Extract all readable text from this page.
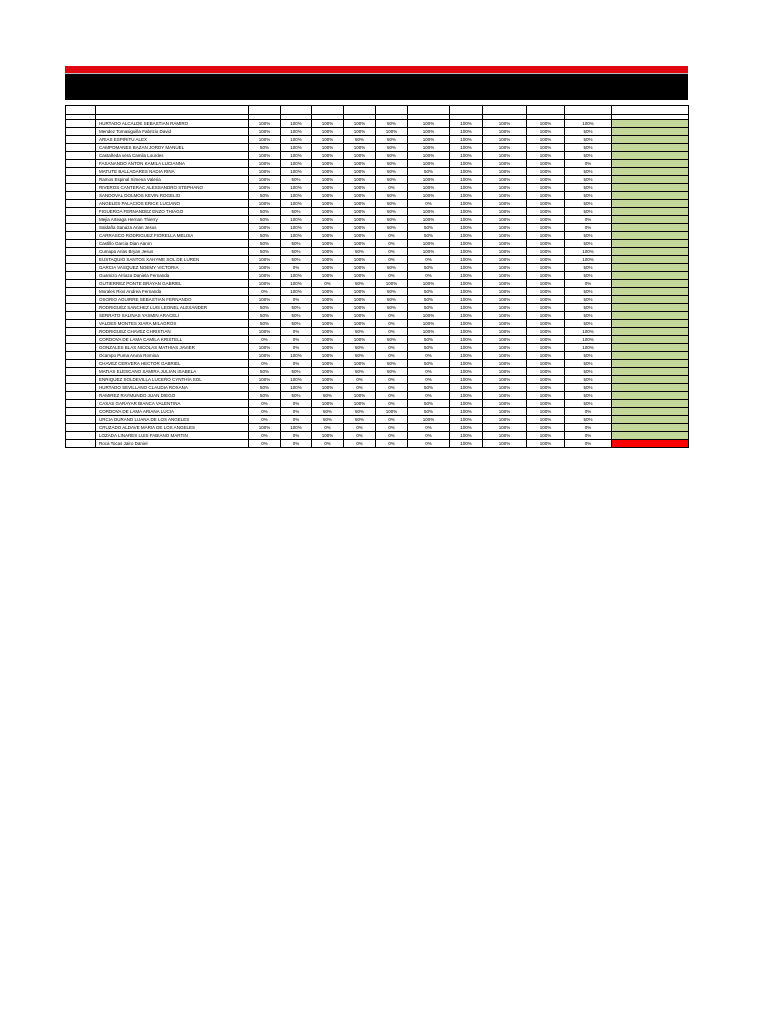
	HURTADO ALCALDE SEBASTIAN RAMIRO	100%	100%	100%	100%	50%	100%	100%	100%	100%	100%	
	Mendez Tomasiguilla Fabrizio David	100%	100%	100%	100%	100%	100%	100%	100%	100%	50%	
	ARIAS ESPIRITU ALEX	100%	100%	100%	50%	50%	100%	100%	100%	100%	50%	
	CAMPOMANES BAZAN JORDY MANUEL	50%	100%	100%	100%	50%	100%	100%	100%	100%	50%	
	Castañeda vera Camila Lourdes	100%	100%	100%	100%	50%	100%	100%	100%	100%	50%	
	FASANANDO ANTON KAMILA LUCIANNA	100%	100%	100%	100%	50%	100%	100%	100%	100%	0%	
	MATUTE BALLADARES NADIA RINA	100%	100%	100%	100%	50%	50%	100%	100%	100%	50%	
	Ramos Espinal Ximena Valeria	100%	50%	100%	100%	50%	100%	100%	100%	100%	50%	
	RIVEROS CANTERAC ALESSANDRO STEPHANO	100%	100%	100%	100%	0%	100%	100%	100%	100%	50%	
	SANDOVAL DOLMOS KEVIN ROGELIO	50%	100%	100%	100%	50%	100%	100%	100%	100%	50%	
	ANGELES PALACIOS ERICK LUCIANO	100%	100%	100%	100%	50%	0%	100%	100%	100%	50%	
	FIGUEROA FERNANDEZ ENZO THIAGO	50%	50%	100%	100%	50%	100%	100%	100%	100%	50%	
	Mejia Arteaga Hernan Thierry	50%	100%	100%	100%	50%	100%	100%	100%	100%	0%	
	Saldaña Sanaza Arian Jesus	100%	100%	100%	100%	50%	50%	100%	100%	100%	0%	
	CARRASCO RODRIGUEZ FIORELLA MELISA	50%	100%	100%	100%	0%	50%	100%	100%	100%	50%	
	Castillo Garcia Dian Aaron	50%	50%	100%	100%	0%	100%	100%	100%	100%	50%	
	Cumapa Arias Bryan Jesus	50%	50%	100%	50%	0%	100%	100%	100%	100%	100%	
	EUSTAQUIO SANTOS XAHYME SOL DE LUREN	100%	50%	100%	100%	0%	0%	100%	100%	100%	100%	
	GARCIA VASQUEZ NOEMY VICTORIA	100%	0%	100%	100%	50%	50%	100%	100%	100%	50%	
	Guamizo Arriaza Daniela Fernanda	100%	100%	100%	100%	0%	0%	100%	100%	100%	50%	
	GUTIERREZ PONTE BRAYAN GABRIEL	100%	100%	0%	50%	100%	100%	100%	100%	100%	0%	
	Morales Rios Andrea Fernanda	0%	100%	100%	100%	50%	50%	100%	100%	100%	50%	
	OSORIO AGUIRRE SEBASTIAN FERNANDO	100%	0%	100%	100%	50%	50%	100%	100%	100%	50%	
	RODRIGUEZ SANCHEZ LUIS LEONEL ALEXANDER	50%	50%	100%	100%	50%	50%	100%	100%	100%	50%	
	SERRATO SALINAS YASMIN ARACELI	50%	50%	100%	100%	0%	100%	100%	100%	100%	50%	
	VALDES MONTES XIARA MILAGROS	50%	50%	100%	100%	0%	100%	100%	100%	100%	50%	
	RODRIGUEZ CHAVEZ CHRISTIAN	100%	0%	100%	50%	0%	100%	100%	100%	100%	100%	
	CORDOVA DE LAMA CAMILA KRISTELL	0%	0%	100%	100%	50%	50%	100%	100%	100%	100%	
	GONZALES BLAS NICOLAS MATHIAS JAVIER	100%	0%	100%	50%	0%	50%	100%	100%	100%	100%	
	Ocampo Puma Aruna Romina	100%	100%	100%	50%	0%	0%	100%	100%	100%	50%	
	CHAVEZ CERVERA HECTOR GABRIEL	0%	0%	100%	100%	50%	50%	100%	100%	100%	50%	
	MATIAS ELESCANO SAMIRA JULIAN ISABELA	50%	50%	100%	50%	50%	0%	100%	100%	100%	50%	
	ENRIQUEZ SOLDEVILLA LUCERO CYNTHIA SOL	100%	100%	100%	0%	0%	0%	100%	100%	100%	50%	
	HURTADO SEVILLANO CLAUDIA ROXANA	50%	100%	100%	0%	0%	50%	100%	100%	100%	50%	
	RAMIREZ RAYMUNDO JUAN DIEGO	50%	50%	50%	100%	0%	0%	100%	100%	100%	50%	
	CASAS GARAYAR BIANCA VALENTINA	0%	0%	100%	100%	0%	50%	100%	100%	100%	50%	
	CORDOVA DE LAMA ARIANA LUCIA	0%	0%	50%	50%	100%	50%	100%	100%	100%	0%	
	URCIA DURAND LUANA DE LOS ANGELES	0%	0%	50%	50%	0%	100%	100%	100%	100%	50%	
	CRUZADO ALDAVE MARIA DE LOS ANGELES	100%	100%	0%	0%	0%	0%	100%	100%	100%	0%	
	LOZADA LINARES LUIS FABIANO MARTIN	0%	0%	100%	0%	0%	0%	100%	100%	100%	0%	
	Roca Tocas Jairo Daniel	0%	0%	0%	0%	0%	0%	100%	100%	100%	0%	
